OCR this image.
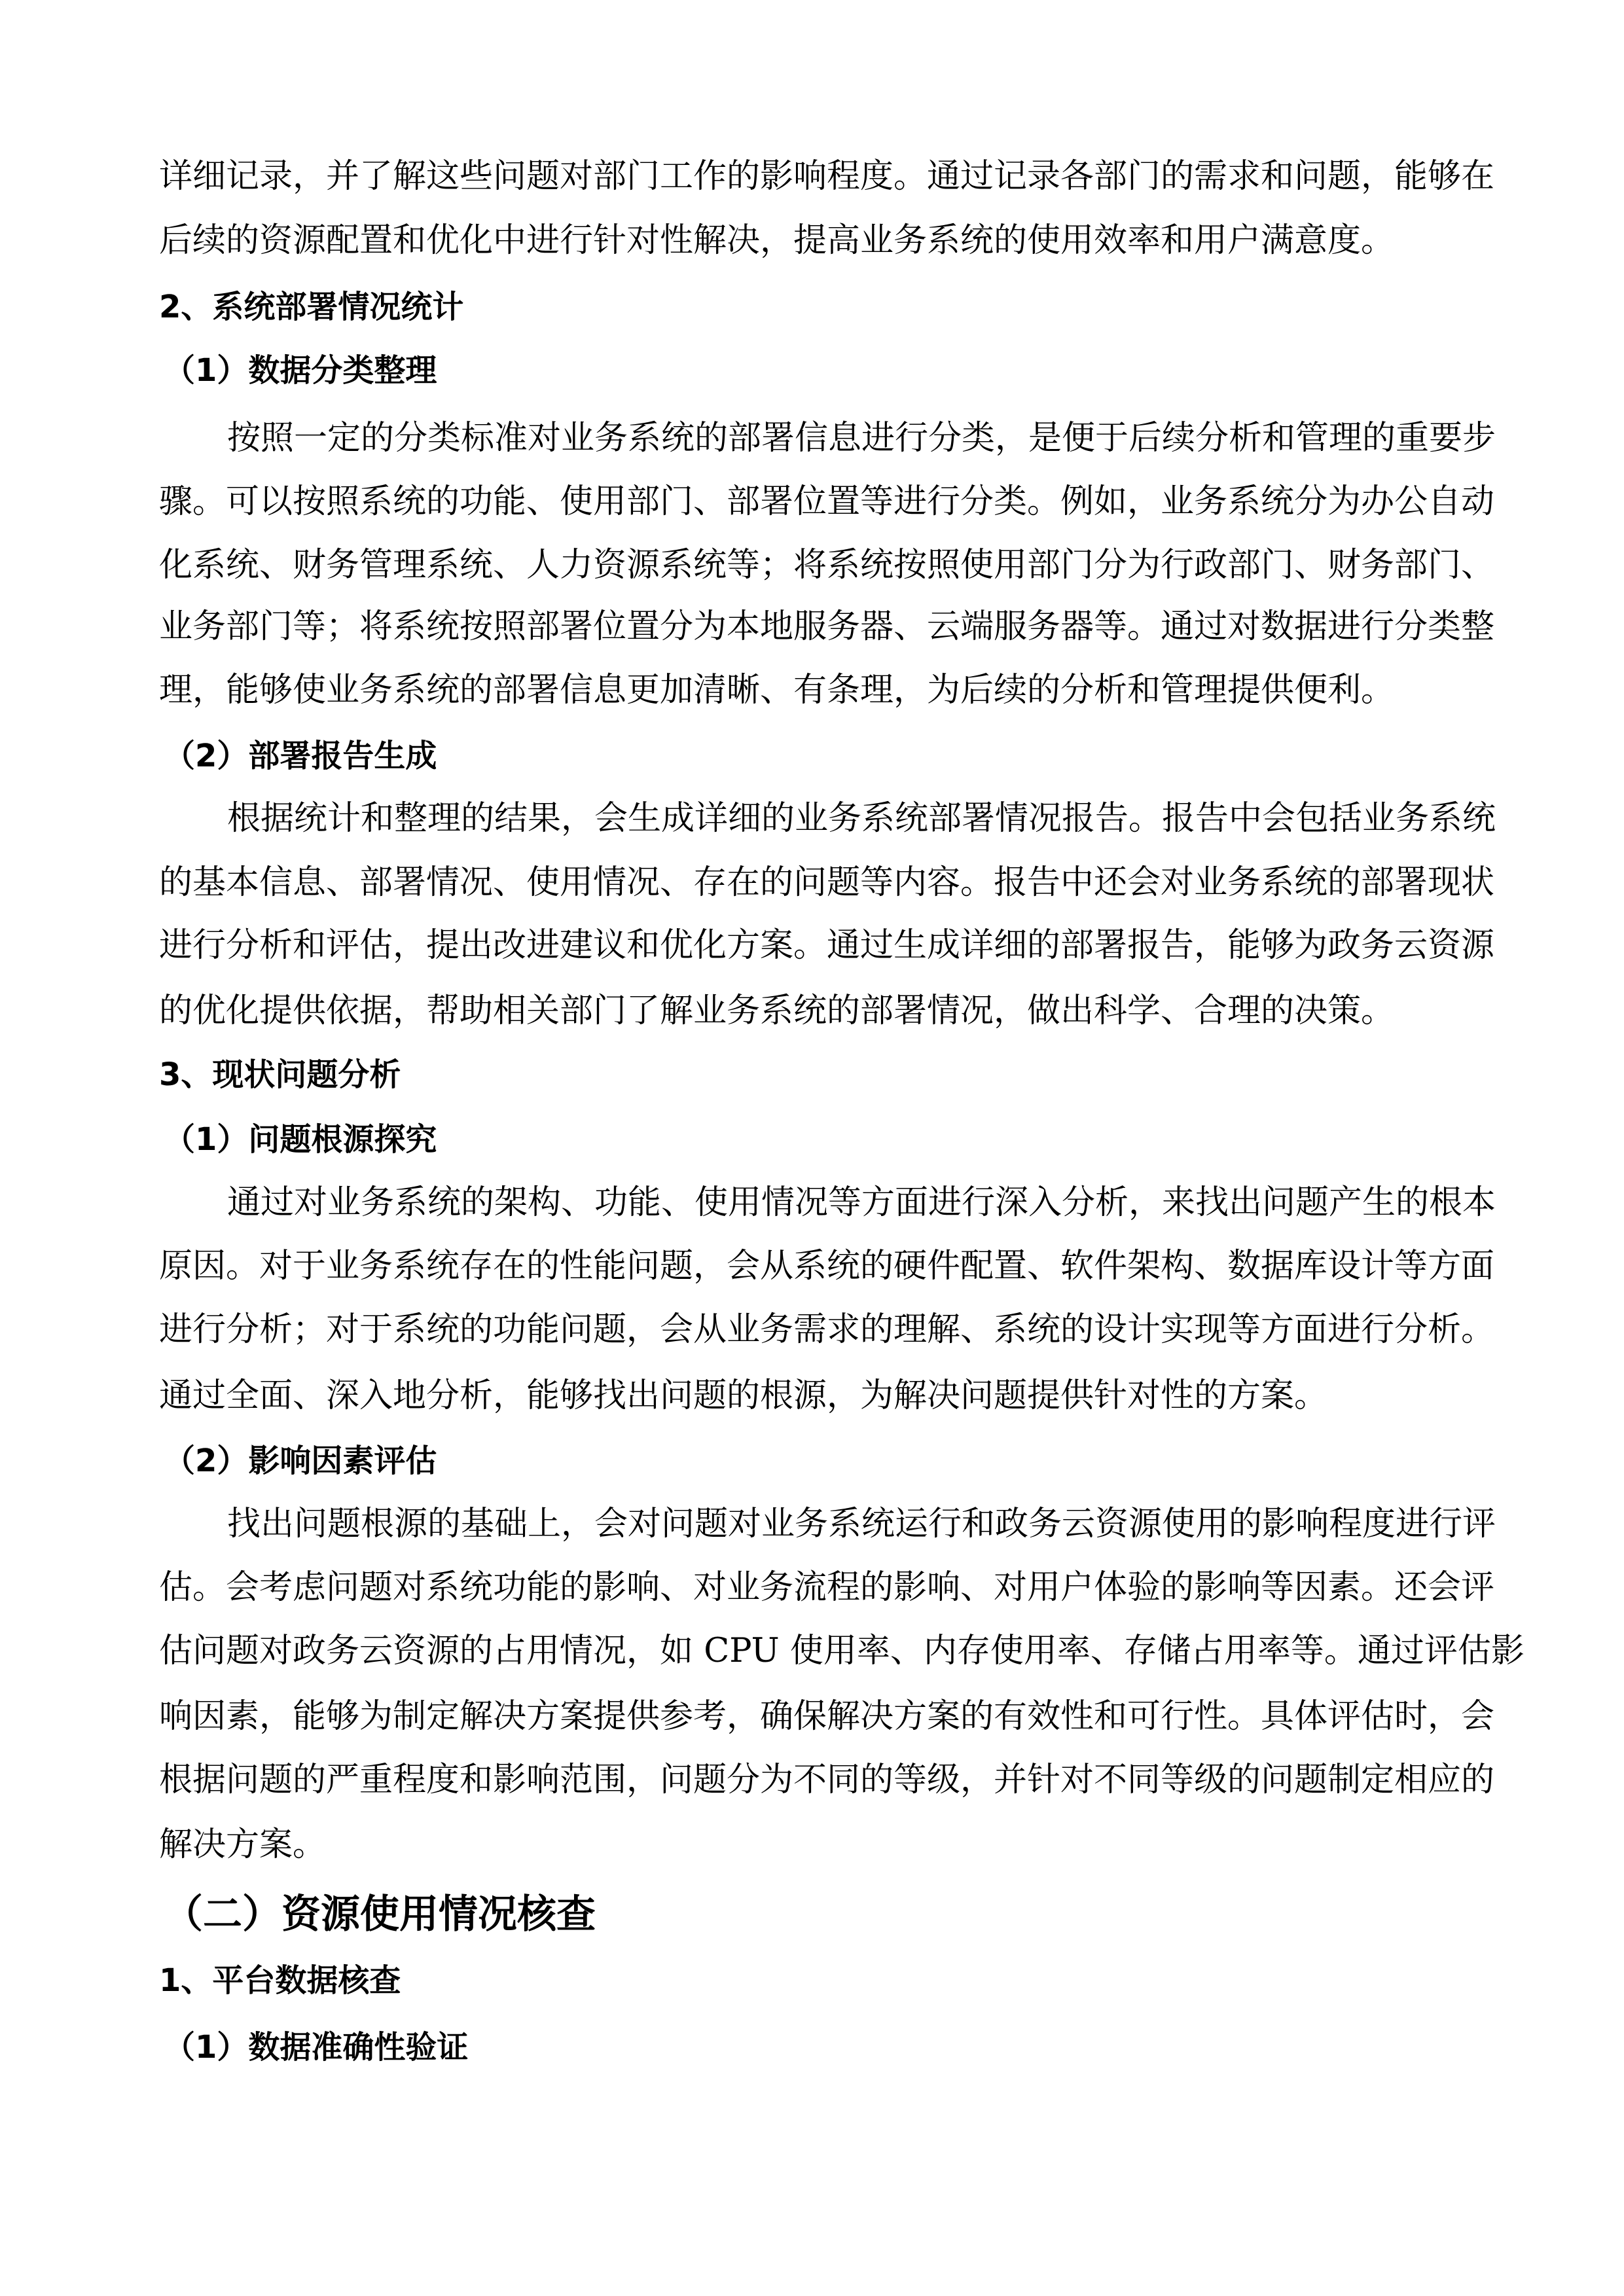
详细记录，并了解这些问题对部门工作的影响程度。通过记录各部门的需求和问题，能够在
后续的资源配置和优化中进行针对性解决，提高业务系统的使用效率和用户满意度。
2、系统部署情况统计
（1）数据分类整理
按照一定的分类标准对业务系统的部署信息进行分类，是便于后续分析和管理的重要步
骤。可以按照系统的功能、使用部门、部署位置等进行分类。例如，业务系统分为办公自动
化系统、财务管理系统、人力资源系统等；将系统按照使用部门分为行政部门、财务部门、
业务部门等；将系统按照部署位置分为本地服务器、云端服务器等。通过对数据进行分类整
理，能够使业务系统的部署信息更加清晰、有条理，为后续的分析和管理提供便利。
（2）部署报告生成
根据统计和整理的结果，会生成详细的业务系统部署情况报告。报告中会包括业务系统
的基本信息、部署情况、使用情况、存在的问题等内容。报告中还会对业务系统的部署现状
进行分析和评估，提出改进建议和优化方案。通过生成详细的部署报告，能够为政务云资源
的优化提供依据，帮助相关部门了解业务系统的部署情况，做出科学、合理的决策。
3、现状问题分析
（1）问题根源探究
通过对业务系统的架构、功能、使用情况等方面进行深入分析，来找出问题产生的根本
原因。对于业务系统存在的性能问题，会从系统的硬件配置、软件架构、数据库设计等方面
进行分析；对于系统的功能问题，会从业务需求的理解、系统的设计实现等方面进行分析。
通过全面、深入地分析，能够找出问题的根源，为解决问题提供针对性的方案。
（2）影响因素评估
找出问题根源的基础上，会对问题对业务系统运行和政务云资源使用的影响程度进行评
估。会考虑问题对系统功能的影响、对业务流程的影响、对用户体验的影响等因素。还会评
估问题对政务云资源的占用情况，如 CPU 使用率、内存使用率、存储占用率等。通过评估影
响因素，能够为制定解决方案提供参考，确保解决方案的有效性和可行性。具体评估时，会
根据问题的严重程度和影响范围，问题分为不同的等级，并针对不同等级的问题制定相应的
解决方案。
（二）资源使用情况核查
1、平台数据核查
（1）数据准确性验证
